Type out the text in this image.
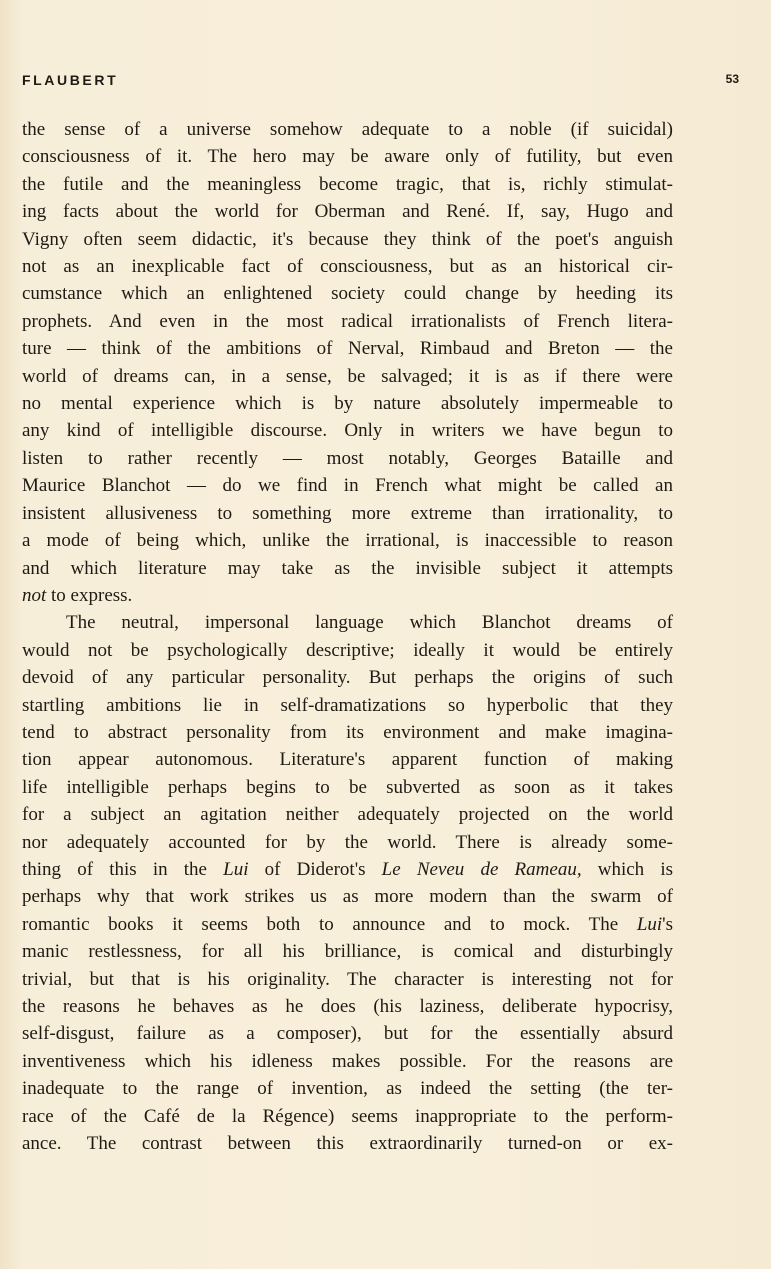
FLAUBERT	53

the sense of a universe somehow adequate to a noble (if suicidal)
consciousness of it. The hero may be aware only of futility, but even
the futile and the meaningless become tragic, that is, richly stimulat-
ing facts about the world for Oberman and René. If, say, Hugo and
Vigny often seem didactic, it's because they think of the poet's anguish
not as an inexplicable fact of consciousness, but as an historical cir-
cumstance which an enlightened society could change by heeding its
prophets. And even in the most radical irrationalists of French litera-
ture — think of the ambitions of Nerval, Rimbaud and Breton — the
world of dreams can, in a sense, be salvaged; it is as if there were
no mental experience which is by nature absolutely impermeable to
any kind of intelligible discourse. Only in writers we have begun to
listen to rather recently — most notably, Georges Bataille and
Maurice Blanchot — do we find in French what might be called an
insistent allusiveness to something more extreme than irrationality, to
a mode of being which, unlike the irrational, is inaccessible to reason
and which literature may take as the invisible subject it attempts
not to express.

The neutral, impersonal language which Blanchot dreams of
would not be psychologically descriptive; ideally it would be entirely
devoid of any particular personality. But perhaps the origins of such
startling ambitions lie in self-dramatizations so hyperbolic that they
tend to abstract personality from its environment and make imagina-
tion appear autonomous. Literature's apparent function of making
life intelligible perhaps begins to be subverted as soon as it takes
for a subject an agitation neither adequately projected on the world
nor adequately accounted for by the world. There is already some-
thing of this in the Lui of Diderot's Le Neveu de Rameau, which is
perhaps why that work strikes us as more modern than the swarm of
romantic books it seems both to announce and to mock. The Lui's
manic restlessness, for all his brilliance, is comical and disturbingly
trivial, but that is his originality. The character is interesting not for
the reasons he behaves as he does (his laziness, deliberate hypocrisy,
self-disgust, failure as a composer), but for the essentially absurd
inventiveness which his idleness makes possible. For the reasons are
inadequate to the range of invention, as indeed the setting (the ter-
race of the Café de la Régence) seems inappropriate to the perform-
ance. The contrast between this extraordinarily turned-on or ex-
